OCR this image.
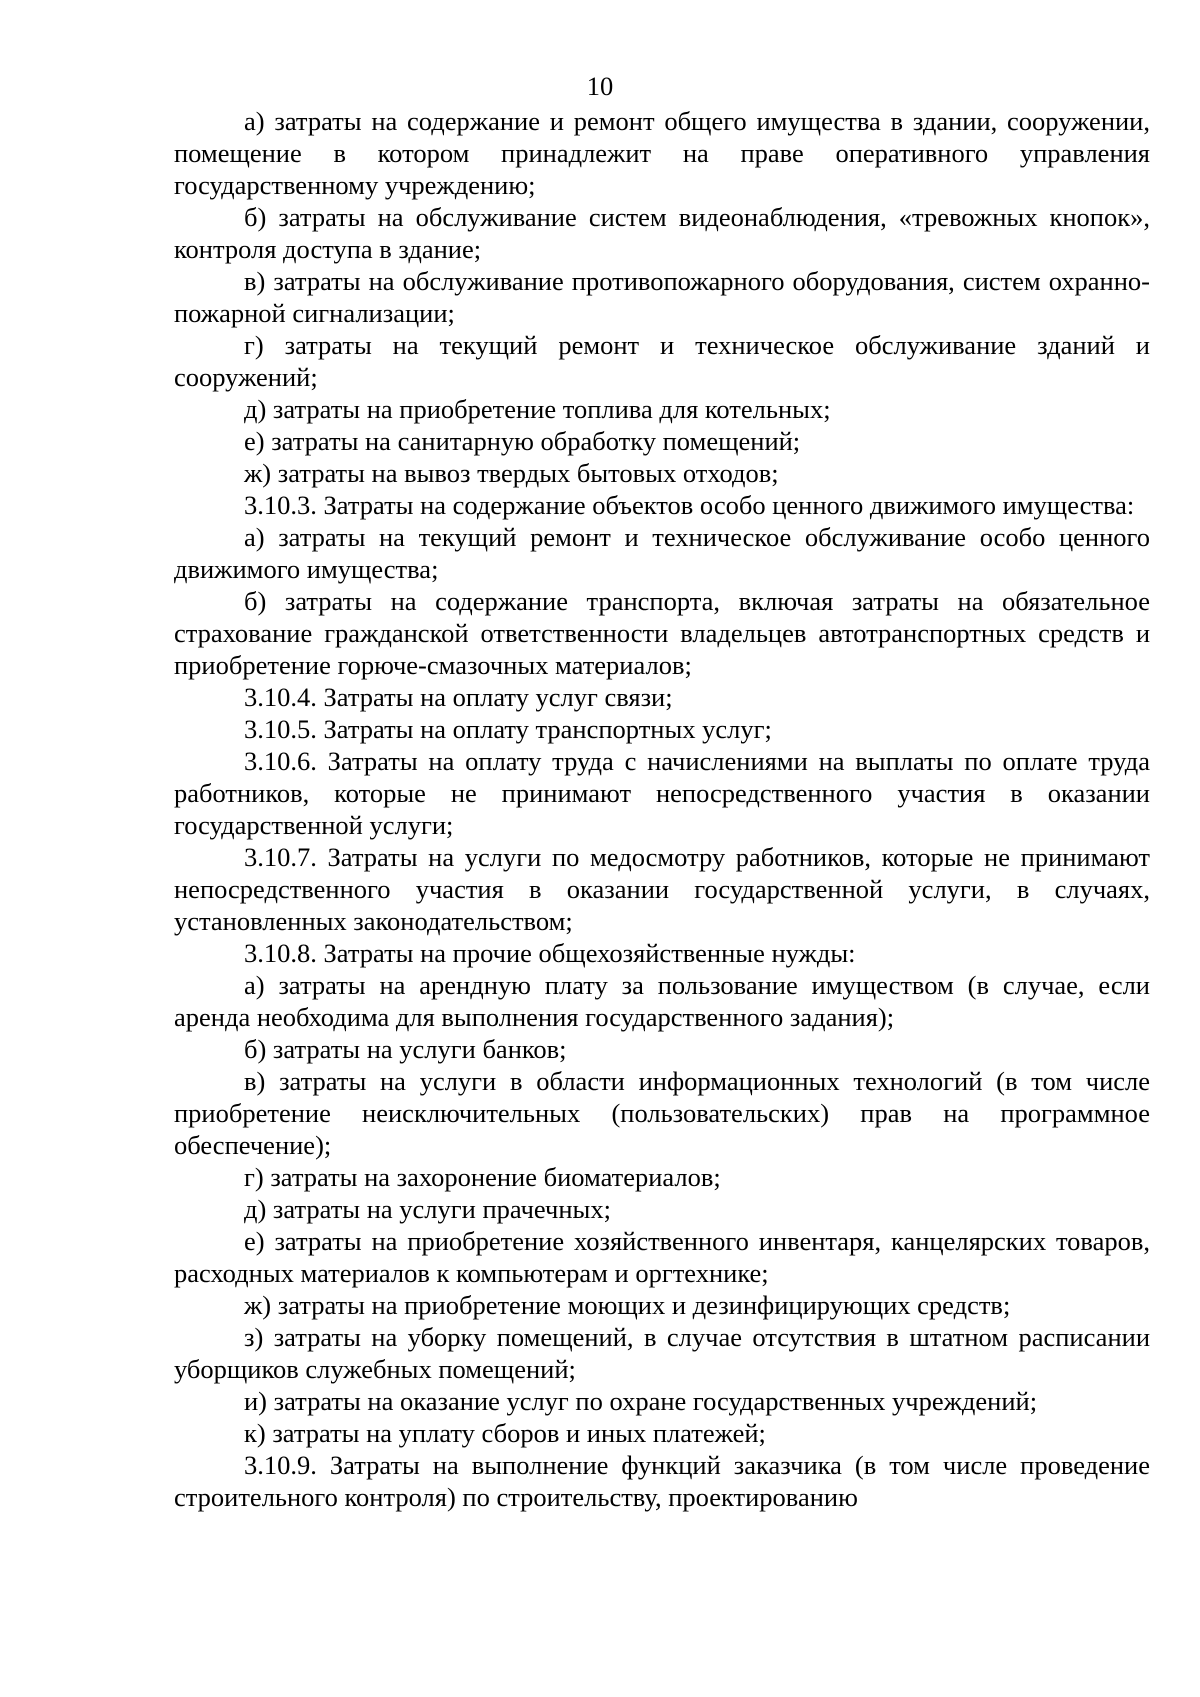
10

а) затраты на содержание и ремонт общего имущества в здании, сооружении, помещение в котором принадлежит на праве оперативного управления государственному учреждению;

б) затраты на обслуживание систем видеонаблюдения, «тревожных кнопок», контроля доступа в здание;

в) затраты на обслуживание противопожарного оборудования, систем охранно-пожарной сигнализации;

г) затраты на текущий ремонт и техническое обслуживание зданий и сооружений;

д) затраты на приобретение топлива для котельных;

е) затраты на санитарную обработку помещений;

ж) затраты на вывоз твердых бытовых отходов;

3.10.3. Затраты на содержание объектов особо ценного движимого имущества:

а) затраты на текущий ремонт и техническое обслуживание особо ценного движимого имущества;

б) затраты на содержание транспорта, включая затраты на обязательное страхование гражданской ответственности владельцев автотранспортных средств и приобретение горюче-смазочных материалов;

3.10.4. Затраты на оплату услуг связи;

3.10.5. Затраты на оплату транспортных услуг;

3.10.6. Затраты на оплату труда с начислениями на выплаты по оплате труда работников, которые не принимают непосредственного участия в оказании государственной услуги;

3.10.7. Затраты на услуги по медосмотру работников, которые не принимают непосредственного участия в оказании государственной услуги, в случаях, установленных законодательством;

3.10.8. Затраты на прочие общехозяйственные нужды:

а) затраты на арендную плату за пользование имуществом (в случае, если аренда необходима для выполнения государственного задания);

б) затраты на услуги банков;

в) затраты на услуги в области информационных технологий (в том числе приобретение неисключительных (пользовательских) прав на программное обеспечение);

г) затраты на захоронение биоматериалов;

д) затраты на услуги прачечных;

е) затраты на приобретение хозяйственного инвентаря, канцелярских товаров, расходных материалов к компьютерам и оргтехнике;

ж) затраты на приобретение моющих и дезинфицирующих средств;

з) затраты на уборку помещений, в случае отсутствия в штатном расписании уборщиков служебных помещений;

и) затраты на оказание услуг по охране государственных учреждений;

к) затраты на уплату сборов и иных платежей;

3.10.9. Затраты на выполнение функций заказчика (в том числе проведение строительного контроля) по строительству, проектированию
